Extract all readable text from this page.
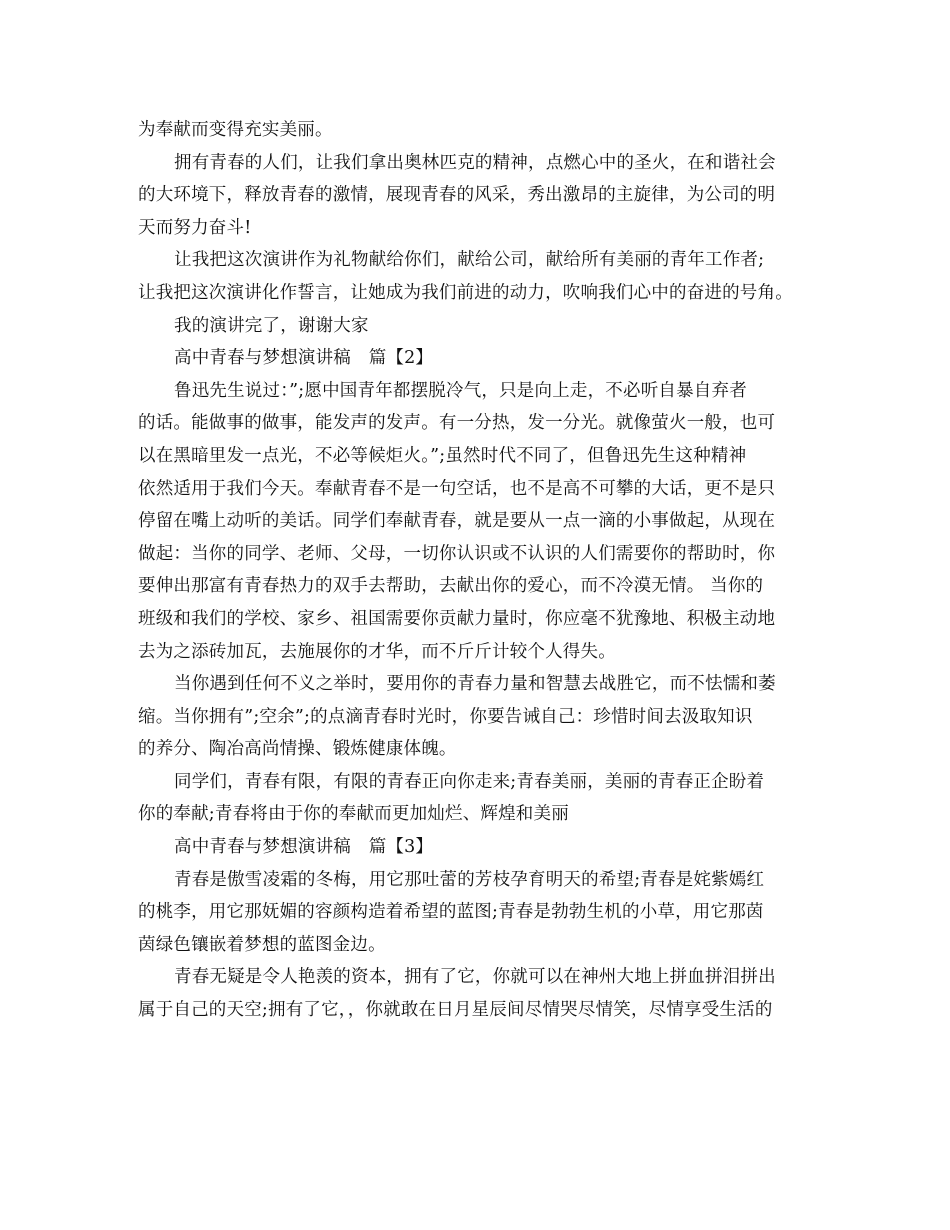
为奉献而变得充实美丽。
拥有青春的人们，让我们拿出奥林匹克的精神，点燃心中的圣火，在和谐社会
的大环境下，释放青春的激情，展现青春的风采，秀出激昂的主旋律，为公司的明
天而努力奋斗!
让我把这次演讲作为礼物献给你们，献给公司，献给所有美丽的青年工作者;
让我把这次演讲化作誓言，让她成为我们前进的动力，吹响我们心中的奋进的号角。
我的演讲完了，谢谢大家
高中青春与梦想演讲稿　篇【2】
鲁迅先生说过：”;愿中国青年都摆脱冷气，只是向上走，不必听自暴自弃者
的话。能做事的做事，能发声的发声。有一分热，发一分光。就像萤火一般，也可
以在黑暗里发一点光，不必等候炬火。”;虽然时代不同了，但鲁迅先生这种精神
依然适用于我们今天。奉献青春不是一句空话，也不是高不可攀的大话，更不是只
停留在嘴上动听的美话。同学们奉献青春，就是要从一点一滴的小事做起，从现在
做起：当你的同学、老师、父母，一切你认识或不认识的人们需要你的帮助时，你
要伸出那富有青春热力的双手去帮助，去献出你的爱心，而不冷漠无情。 当你的
班级和我们的学校、家乡、祖国需要你贡献力量时，你应毫不犹豫地、积极主动地
去为之添砖加瓦，去施展你的才华，而不斤斤计较个人得失。
当你遇到任何不义之举时，要用你的青春力量和智慧去战胜它，而不怯懦和萎
缩。当你拥有”;空余”;的点滴青春时光时，你要告诫自己：珍惜时间去汲取知识
的养分、陶冶高尚情操、锻炼健康体魄。
同学们，青春有限，有限的青春正向你走来;青春美丽，美丽的青春正企盼着
你的奉献;青春将由于你的奉献而更加灿烂、辉煌和美丽
高中青春与梦想演讲稿　篇【3】
青春是傲雪凌霜的冬梅，用它那吐蕾的芳枝孕育明天的希望;青春是姹紫嫣红
的桃李，用它那妩媚的容颜构造着希望的蓝图;青春是勃勃生机的小草，用它那茵
茵绿色镶嵌着梦想的蓝图金边。
青春无疑是令人艳羡的资本，拥有了它，你就可以在神州大地上拼血拼泪拼出
属于自己的天空;拥有了它，，你就敢在日月星辰间尽情哭尽情笑，尽情享受生活的
